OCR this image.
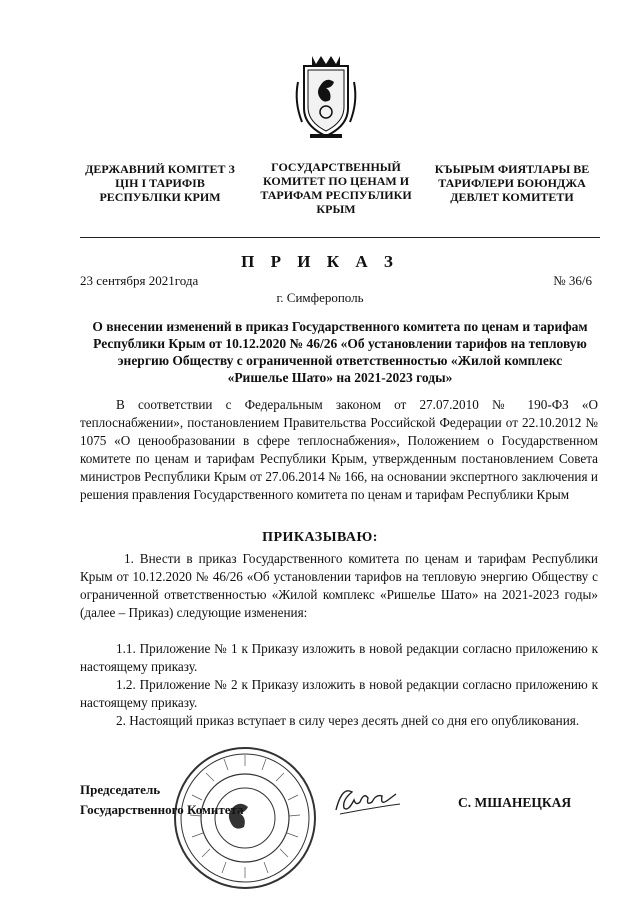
ДЕРЖАВНИЙ КОМІТЕТ З ЦІН І ТАРИФІВ РЕСПУБЛІКИ КРИМ
ГОСУДАРСТВЕННЫЙ КОМИТЕТ ПО ЦЕНАМ И ТАРИФАМ РЕСПУБЛИКИ КРЫМ
КЪЫРЫМ ФИЯТЛАРЫ ВЕ ТАРИФЛЕРИ БОЮНДЖА ДЕВЛЕТ КОМИТЕТИ
П Р И К А З
23 сентября 2021года	№ 36/6
г. Симферополь
О внесении изменений в приказ Государственного комитета по ценам и тарифам Республики Крым от 10.12.2020 № 46/26 «Об установлении тарифов на тепловую энергию Обществу с ограниченной ответственностью «Жилой комплекс «Ришелье Шато» на 2021-2023 годы»
В соответствии с Федеральным законом от 27.07.2010 № 190-ФЗ «О теплоснабжении», постановлением Правительства Российской Федерации от 22.10.2012 № 1075 «О ценообразовании в сфере теплоснабжения», Положением о Государственном комитете по ценам и тарифам Республики Крым, утвержденным постановлением Совета министров Республики Крым от 27.06.2014 № 166, на основании экспертного заключения и решения правления Государственного комитета по ценам и тарифам Республики Крым
ПРИКАЗЫВАЮ:
1. Внести в приказ Государственного комитета по ценам и тарифам Республики Крым от 10.12.2020 № 46/26 «Об установлении тарифов на тепловую энергию Обществу с ограниченной ответственностью «Жилой комплекс «Ришелье Шато» на 2021-2023 годы» (далее – Приказ) следующие изменения:
1.1. Приложение № 1 к Приказу изложить в новой редакции согласно приложению к настоящему приказу.
1.2. Приложение № 2 к Приказу изложить в новой редакции согласно приложению к настоящему приказу.
2. Настоящий приказ вступает в силу через десять дней со дня его опубликования.
Председатель
Государственного Комитета	С. МШАНЕЦКАЯ
